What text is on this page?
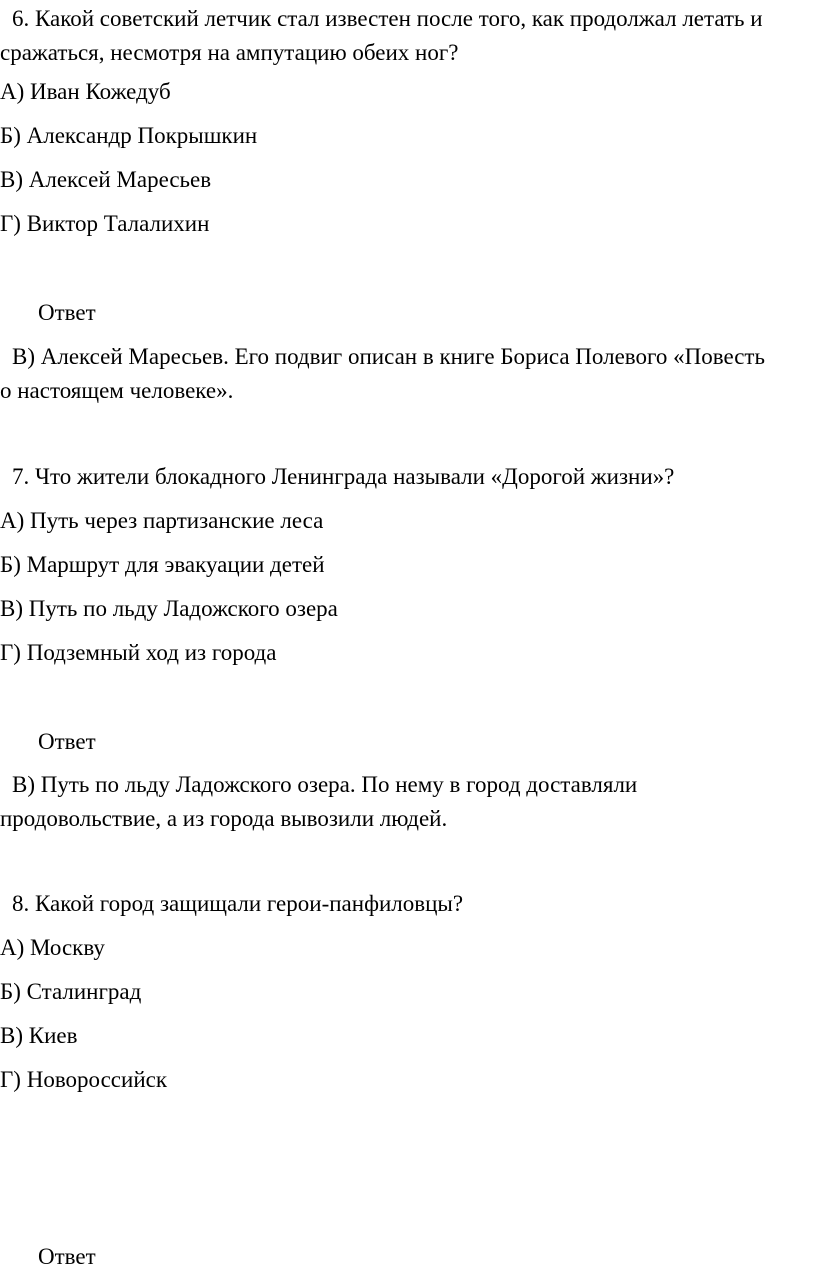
6. Какой советский летчик стал известен после того, как продолжал летать и
сражаться, несмотря на ампутацию обеих ног?
А) Иван Кожедуб
Б) Александр Покрышкин
В) Алексей Маресьев
Г) Виктор Талалихин
Ответ
В) Алексей Маресьев. Его подвиг описан в книге Бориса Полевого «Повесть
о настоящем человеке».
7. Что жители блокадного Ленинграда называли «Дорогой жизни»?
А) Путь через партизанские леса
Б) Маршрут для эвакуации детей
В) Путь по льду Ладожского озера
Г) Подземный ход из города
Ответ
В) Путь по льду Ладожского озера. По нему в город доставляли
продовольствие, а из города вывозили людей.
8. Какой город защищали герои-панфиловцы?
А) Москву
Б) Сталинград
В) Киев
Г) Новороссийск
Ответ
